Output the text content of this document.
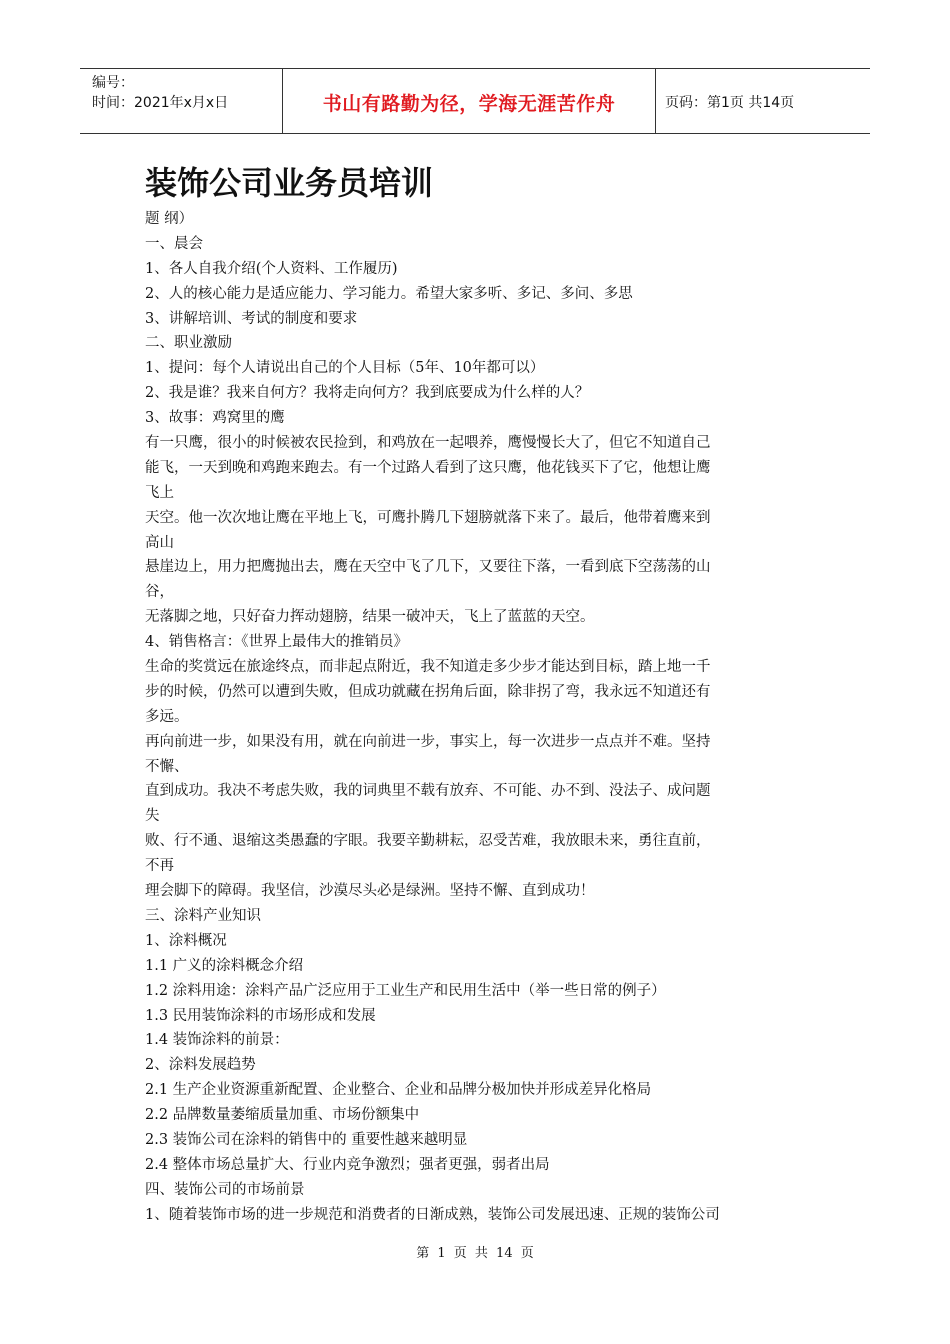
编号：
时间：2021年x月x日	书山有路勤为径，学海无涯苦作舟	页码：第1页 共14页
装饰公司业务员培训
题 纲）
一、晨会
1、各人自我介绍(个人资料、工作履历)
2、人的核心能力是适应能力、学习能力。希望大家多听、多记、多问、多思
3、讲解培训、考试的制度和要求
二、职业激励
1、提问：每个人请说出自己的个人目标（5年、10年都可以）
2、我是谁？我来自何方？我将走向何方？我到底要成为什么样的人？
3、故事：鸡窝里的鹰
有一只鹰，很小的时候被农民捡到，和鸡放在一起喂养，鹰慢慢长大了，但它不知道自己
能飞，一天到晚和鸡跑来跑去。有一个过路人看到了这只鹰，他花钱买下了它，他想让鹰
飞上
天空。他一次次地让鹰在平地上飞，可鹰扑腾几下翅膀就落下来了。最后，他带着鹰来到
高山
悬崖边上，用力把鹰抛出去，鹰在天空中飞了几下，又要往下落，一看到底下空荡荡的山
谷，
无落脚之地，只好奋力挥动翅膀，结果一破冲天，飞上了蓝蓝的天空。
4、销售格言：《世界上最伟大的推销员》
生命的奖赏远在旅途终点，而非起点附近，我不知道走多少步才能达到目标，踏上地一千
步的时候，仍然可以遭到失败，但成功就藏在拐角后面，除非拐了弯，我永远不知道还有
多远。
再向前进一步，如果没有用，就在向前进一步，事实上，每一次进步一点点并不难。坚持
不懈、
直到成功。我决不考虑失败，我的词典里不载有放弃、不可能、办不到、没法子、成问题
失
败、行不通、退缩这类愚蠢的字眼。我要辛勤耕耘，忍受苦难，我放眼未来，勇往直前，
不再
理会脚下的障碍。我坚信，沙漠尽头必是绿洲。坚持不懈、直到成功！
三、涂料产业知识
1、涂料概况
1.1 广义的涂料概念介绍
1.2 涂料用途：涂料产品广泛应用于工业生产和民用生活中（举一些日常的例子）
1.3 民用装饰涂料的市场形成和发展
1.4 装饰涂料的前景：
2、涂料发展趋势
2.1 生产企业资源重新配置、企业整合、企业和品牌分极加快并形成差异化格局
2.2 品牌数量萎缩质量加重、市场份额集中
2.3 装饰公司在涂料的销售中的 重要性越来越明显
2.4 整体市场总量扩大、行业内竞争激烈；强者更强，弱者出局
四、装饰公司的市场前景
1、随着装饰市场的进一步规范和消费者的日渐成熟，装饰公司发展迅速、正规的装饰公司
第 1 页 共 14 页
